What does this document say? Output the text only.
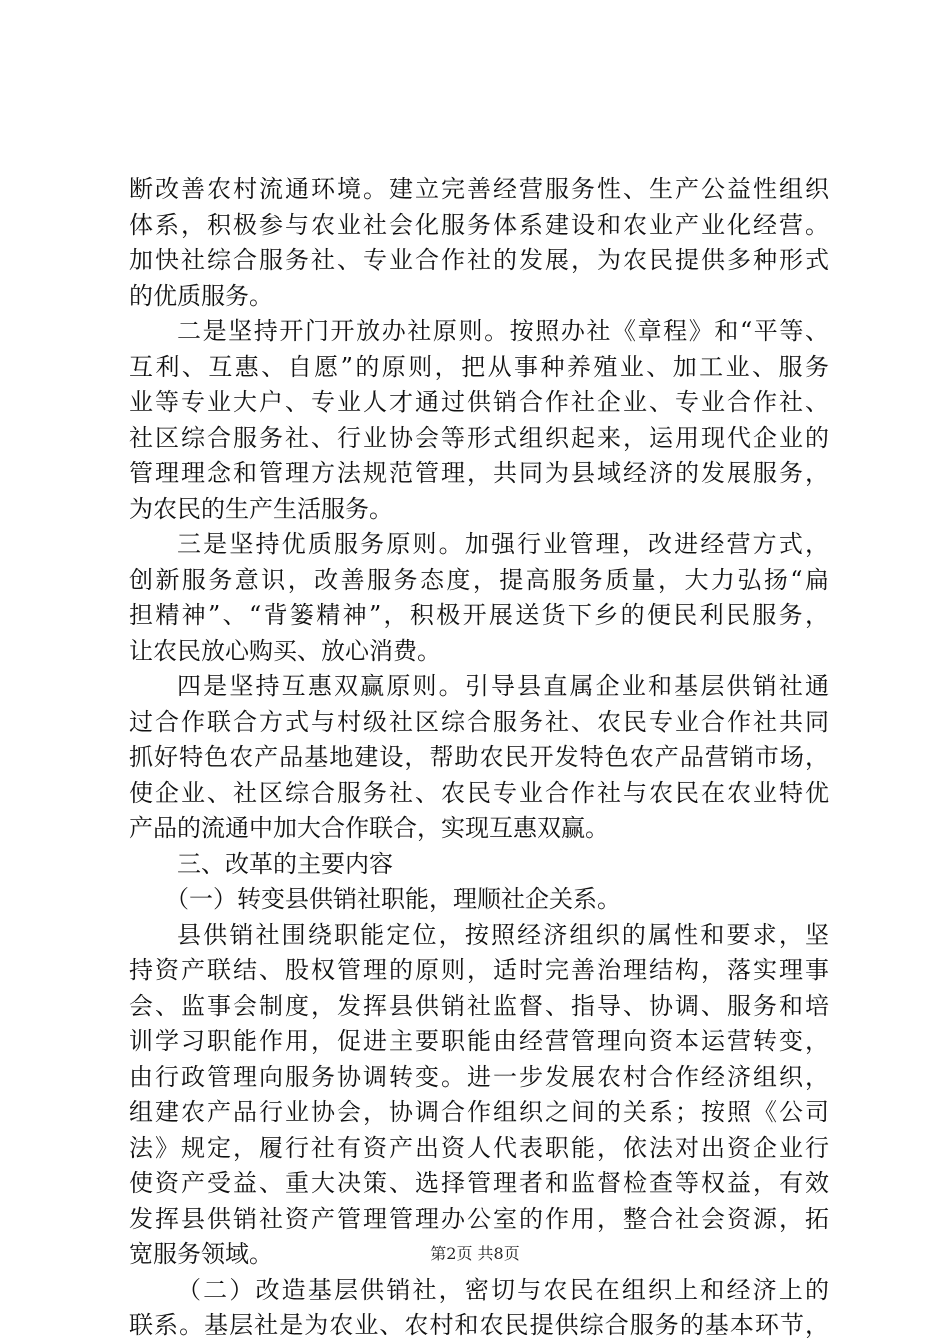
断改善农村流通环境。建立完善经营服务性、生产公益性组织
体系，积极参与农业社会化服务体系建设和农业产业化经营。
加快社综合服务社、专业合作社的发展，为农民提供多种形式
的优质服务。
二是坚持开门开放办社原则。按照办社《章程》和“平等、
互利、互惠、自愿”的原则，把从事种养殖业、加工业、服务
业等专业大户、专业人才通过供销合作社企业、专业合作社、
社区综合服务社、行业协会等形式组织起来，运用现代企业的
管理理念和管理方法规范管理，共同为县域经济的发展服务，
为农民的生产生活服务。
三是坚持优质服务原则。加强行业管理，改进经营方式，
创新服务意识，改善服务态度，提高服务质量，大力弘扬“扁
担精神”、“背篓精神”，积极开展送货下乡的便民利民服务，
让农民放心购买、放心消费。
四是坚持互惠双赢原则。引导县直属企业和基层供销社通
过合作联合方式与村级社区综合服务社、农民专业合作社共同
抓好特色农产品基地建设，帮助农民开发特色农产品营销市场，
使企业、社区综合服务社、农民专业合作社与农民在农业特优
产品的流通中加大合作联合，实现互惠双赢。
三、改革的主要内容
（一）转变县供销社职能，理顺社企关系。
县供销社围绕职能定位，按照经济组织的属性和要求，坚
持资产联结、股权管理的原则，适时完善治理结构，落实理事
会、监事会制度，发挥县供销社监督、指导、协调、服务和培
训学习职能作用，促进主要职能由经营管理向资本运营转变，
由行政管理向服务协调转变。进一步发展农村合作经济组织，
组建农产品行业协会，协调合作组织之间的关系；按照《公司
法》规定，履行社有资产出资人代表职能，依法对出资企业行
使资产受益、重大决策、选择管理者和监督检查等权益，有效
发挥县供销社资产管理管理办公室的作用，整合社会资源，拓
宽服务领域。
（二）改造基层供销社，密切与农民在组织上和经济上的
联系。基层社是为农业、农村和农民提供综合服务的基本环节，
第2页 共8页
